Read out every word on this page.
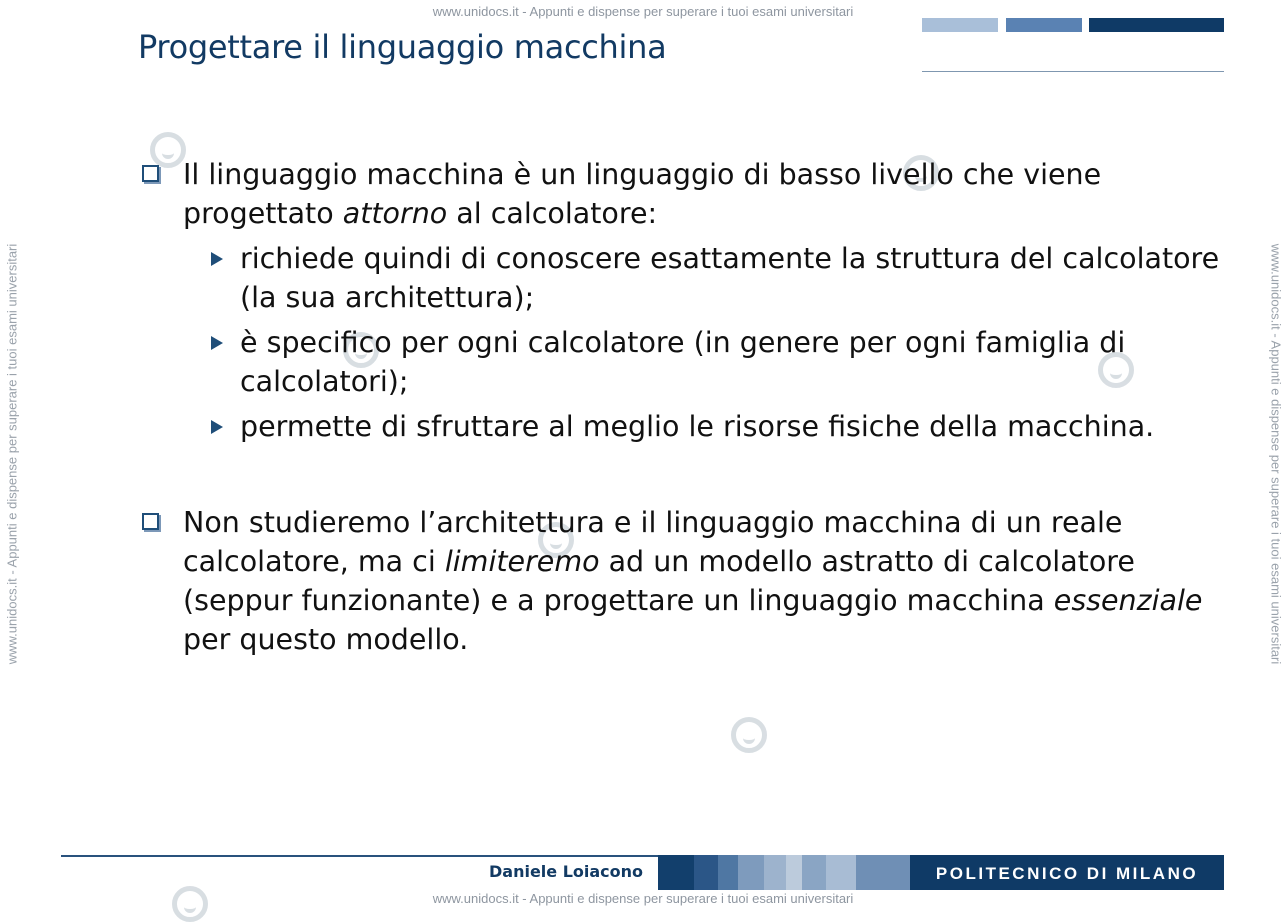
www.unidocs.it - Appunti e dispense per superare i tuoi esami universitari
www.unidocs.it - Appunti e dispense per superare i tuoi esami universitari	www.unidocs.it - Appunti e dispense per superare i tuoi esami universitari
Progettare il linguaggio macchina
Il linguaggio macchina è un linguaggio di basso livello che viene progettato attorno al calcolatore:
richiede quindi di conoscere esattamente la struttura del calcolatore (la sua architettura);
è specifico per ogni calcolatore (in genere per ogni famiglia di calcolatori);
permette di sfruttare al meglio le risorse fisiche della macchina.
Non studieremo l’architettura e il linguaggio macchina di un reale calcolatore, ma ci limiteremo ad un modello astratto di calcolatore (seppur funzionante) e a progettare un linguaggio macchina essenziale per questo modello.
Daniele Loiacono	POLITECNICO DI MILANO
www.unidocs.it - Appunti e dispense per superare i tuoi esami universitari
